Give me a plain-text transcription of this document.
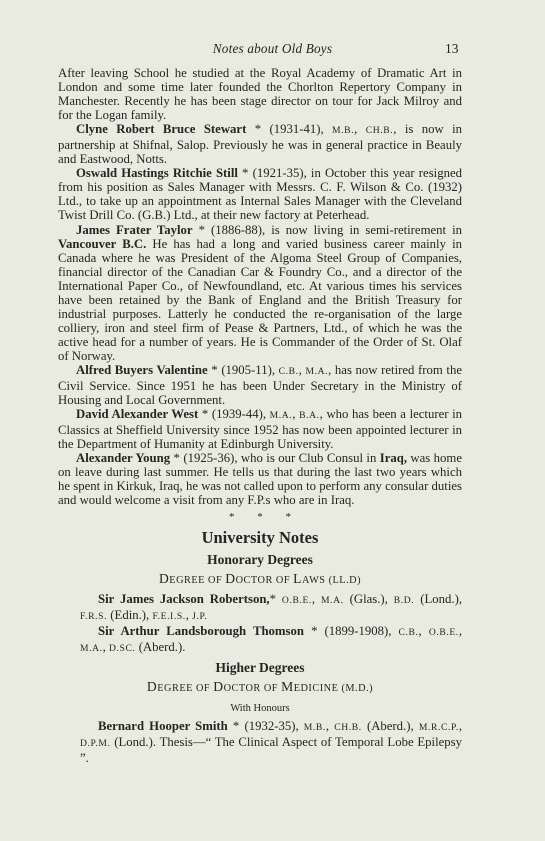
Notes about Old Boys	13

After leaving School he studied at the Royal Academy of Dramatic Art in London and some time later founded the Chorlton Repertory Company in Manchester. Recently he has been stage director on tour for Jack Milroy and for the Logan family.

Clyne Robert Bruce Stewart * (1931-41), M.B., CH.B., is now in partnership at Shifnal, Salop. Previously he was in general practice in Beauly and Eastwood, Notts.

Oswald Hastings Ritchie Still * (1921-35), in October this year resigned from his position as Sales Manager with Messrs. C. F. Wilson & Co. (1932) Ltd., to take up an appointment as Internal Sales Manager with the Cleveland Twist Drill Co. (G.B.) Ltd., at their new factory at Peterhead.

James Frater Taylor * (1886-88), is now living in semi-retirement in Vancouver B.C. He has had a long and varied business career mainly in Canada where he was President of the Algoma Steel Group of Companies, financial director of the Canadian Car & Foundry Co., and a director of the International Paper Co., of Newfoundland, etc. At various times his services have been retained by the Bank of England and the British Treasury for industrial purposes. Latterly he conducted the re-organisation of the large colliery, iron and steel firm of Pease & Partners, Ltd., of which he was the active head for a number of years. He is Commander of the Order of St. Olaf of Norway.

Alfred Buyers Valentine * (1905-11), C.B., M.A., has now retired from the Civil Service. Since 1951 he has been Under Secretary in the Ministry of Housing and Local Government.

David Alexander West * (1939-44), M.A., B.A., who has been a lecturer in Classics at Sheffield University since 1952 has now been appointed lecturer in the Department of Humanity at Edinburgh University.

Alexander Young * (1925-36), who is our Club Consul in Iraq, was home on leave during last summer. He tells us that during the last two years which he spent in Kirkuk, Iraq, he was not called upon to perform any consular duties and would welcome a visit from any F.P.s who are in Iraq.

* * *
University Notes
Honorary Degrees
DEGREE OF DOCTOR OF LAWS (LL.D)

Sir James Jackson Robertson,* O.B.E., M.A. (Glas.), B.D. (Lond.), F.R.S. (Edin.), F.E.I.S., J.P.

Sir Arthur Landsborough Thomson * (1899-1908), C.B., O.B.E., M.A., D.SC. (Aberd.).

Higher Degrees
DEGREE OF DOCTOR OF MEDICINE (M.D.)
With Honours

Bernard Hooper Smith * (1932-35), M.B., CH.B. (Aberd.), M.R.C.P., D.P.M. (Lond.). Thesis—“ The Clinical Aspect of Temporal Lobe Epilepsy ”.
